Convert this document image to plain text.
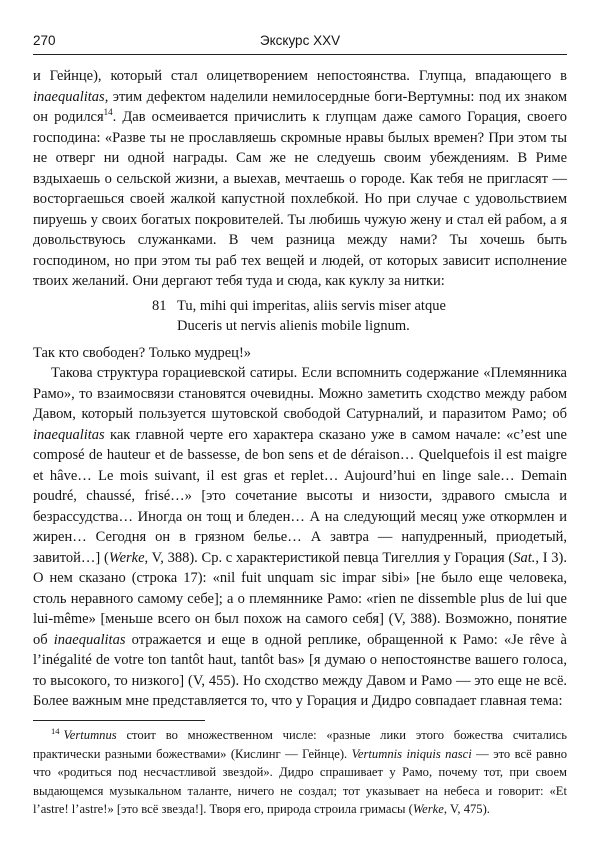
270	Экскурс XXV

и Гейнце), который стал олицетворением непостоянства. Глупца, впадающего в inaequalitas, этим дефектом наделили немилосердные боги-Вертумны: под их знаком он родился$^{14}$. Дав осмеивается причислить к глупцам даже самого Горация, своего господина: «Разве ты не прославляешь скромные нравы былых времен? При этом ты не отверг ни одной награды. Сам же не следуешь своим убеждениям. В Риме вздыхаешь о сельской жизни, а выехав, мечтаешь о городе. Как тебя не пригласят — восторгаешься своей жалкой капустной похлебкой. Но при случае с удовольствием пируешь у своих богатых покровителей. Ты любишь чужую жену и стал ей рабом, а я довольствуюсь служанками. В чем разница между нами? Ты хочешь быть господином, но при этом ты раб тех вещей и людей, от которых зависит исполнение твоих желаний. Они дергают тебя туда и сюда, как куклу за нитки:

81 Tu, mihi qui imperitas, aliis servis miser atque
Duceris ut nervis alienis mobile lignum.

Так кто свободен? Только мудрец!»

Такова структура горациевской сатиры. Если вспомнить содержание «Племянника Рамо», то взаимосвязи становятся очевидны. Можно заметить сходство между рабом Давом, который пользуется шутовской свободой Сатурналий, и паразитом Рамо; об inaequalitas как главной черте его характера сказано уже в самом начале: «c’est une composé de hauteur et de bassesse, de bon sens et de déraison… Quelquefois il est maigre et hâve… Le mois suivant, il est gras et replet… Aujourd’hui en linge sale… Demain poudré, chaussé, frisé…» [это сочетание высоты и низости, здравого смысла и безрассудства… Иногда он тощ и бледен… А на следующий месяц уже откормлен и жирен… Сегодня он в грязном белье… А завтра — напудренный, приодетый, завитой…] (Werke, V, 388). Ср. с характеристикой певца Тигеллия у Горация (Sat., I 3). О нем сказано (строка 17): «nil fuit unquam sic impar sibi» [не было еще человека, столь неравного самому себе]; а о племяннике Рамо: «rien ne dissemble plus de lui que lui-même» [меньше всего он был похож на самого себя] (V, 388). Возможно, понятие об inaequalitas отражается и еще в одной реплике, обращенной к Рамо: «Je rêve à l’inégalité de votre ton tantôt haut, tantôt bas» [я думаю о непостоянстве вашего голоса, то высокого, то низкого] (V, 455). Но сходство между Давом и Рамо — это еще не всё. Более важным мне представляется то, что у Горация и Дидро совпадает главная тема:

$^{14}$ Vertumnus стоит во множественном числе: «разные лики этого божества считались практически разными божествами» (Кислинг — Гейнце). Vertumnis iniquis nasci — это всё равно что «родиться под несчастливой звездой». Дидро спрашивает у Рамо, почему тот, при своем выдающемся музыкальном таланте, ничего не создал; тот указывает на небеса и говорит: «Et l’astre! l’astre!» [это всё звезда!]. Творя его, природа строила гримасы (Werke, V, 475).
